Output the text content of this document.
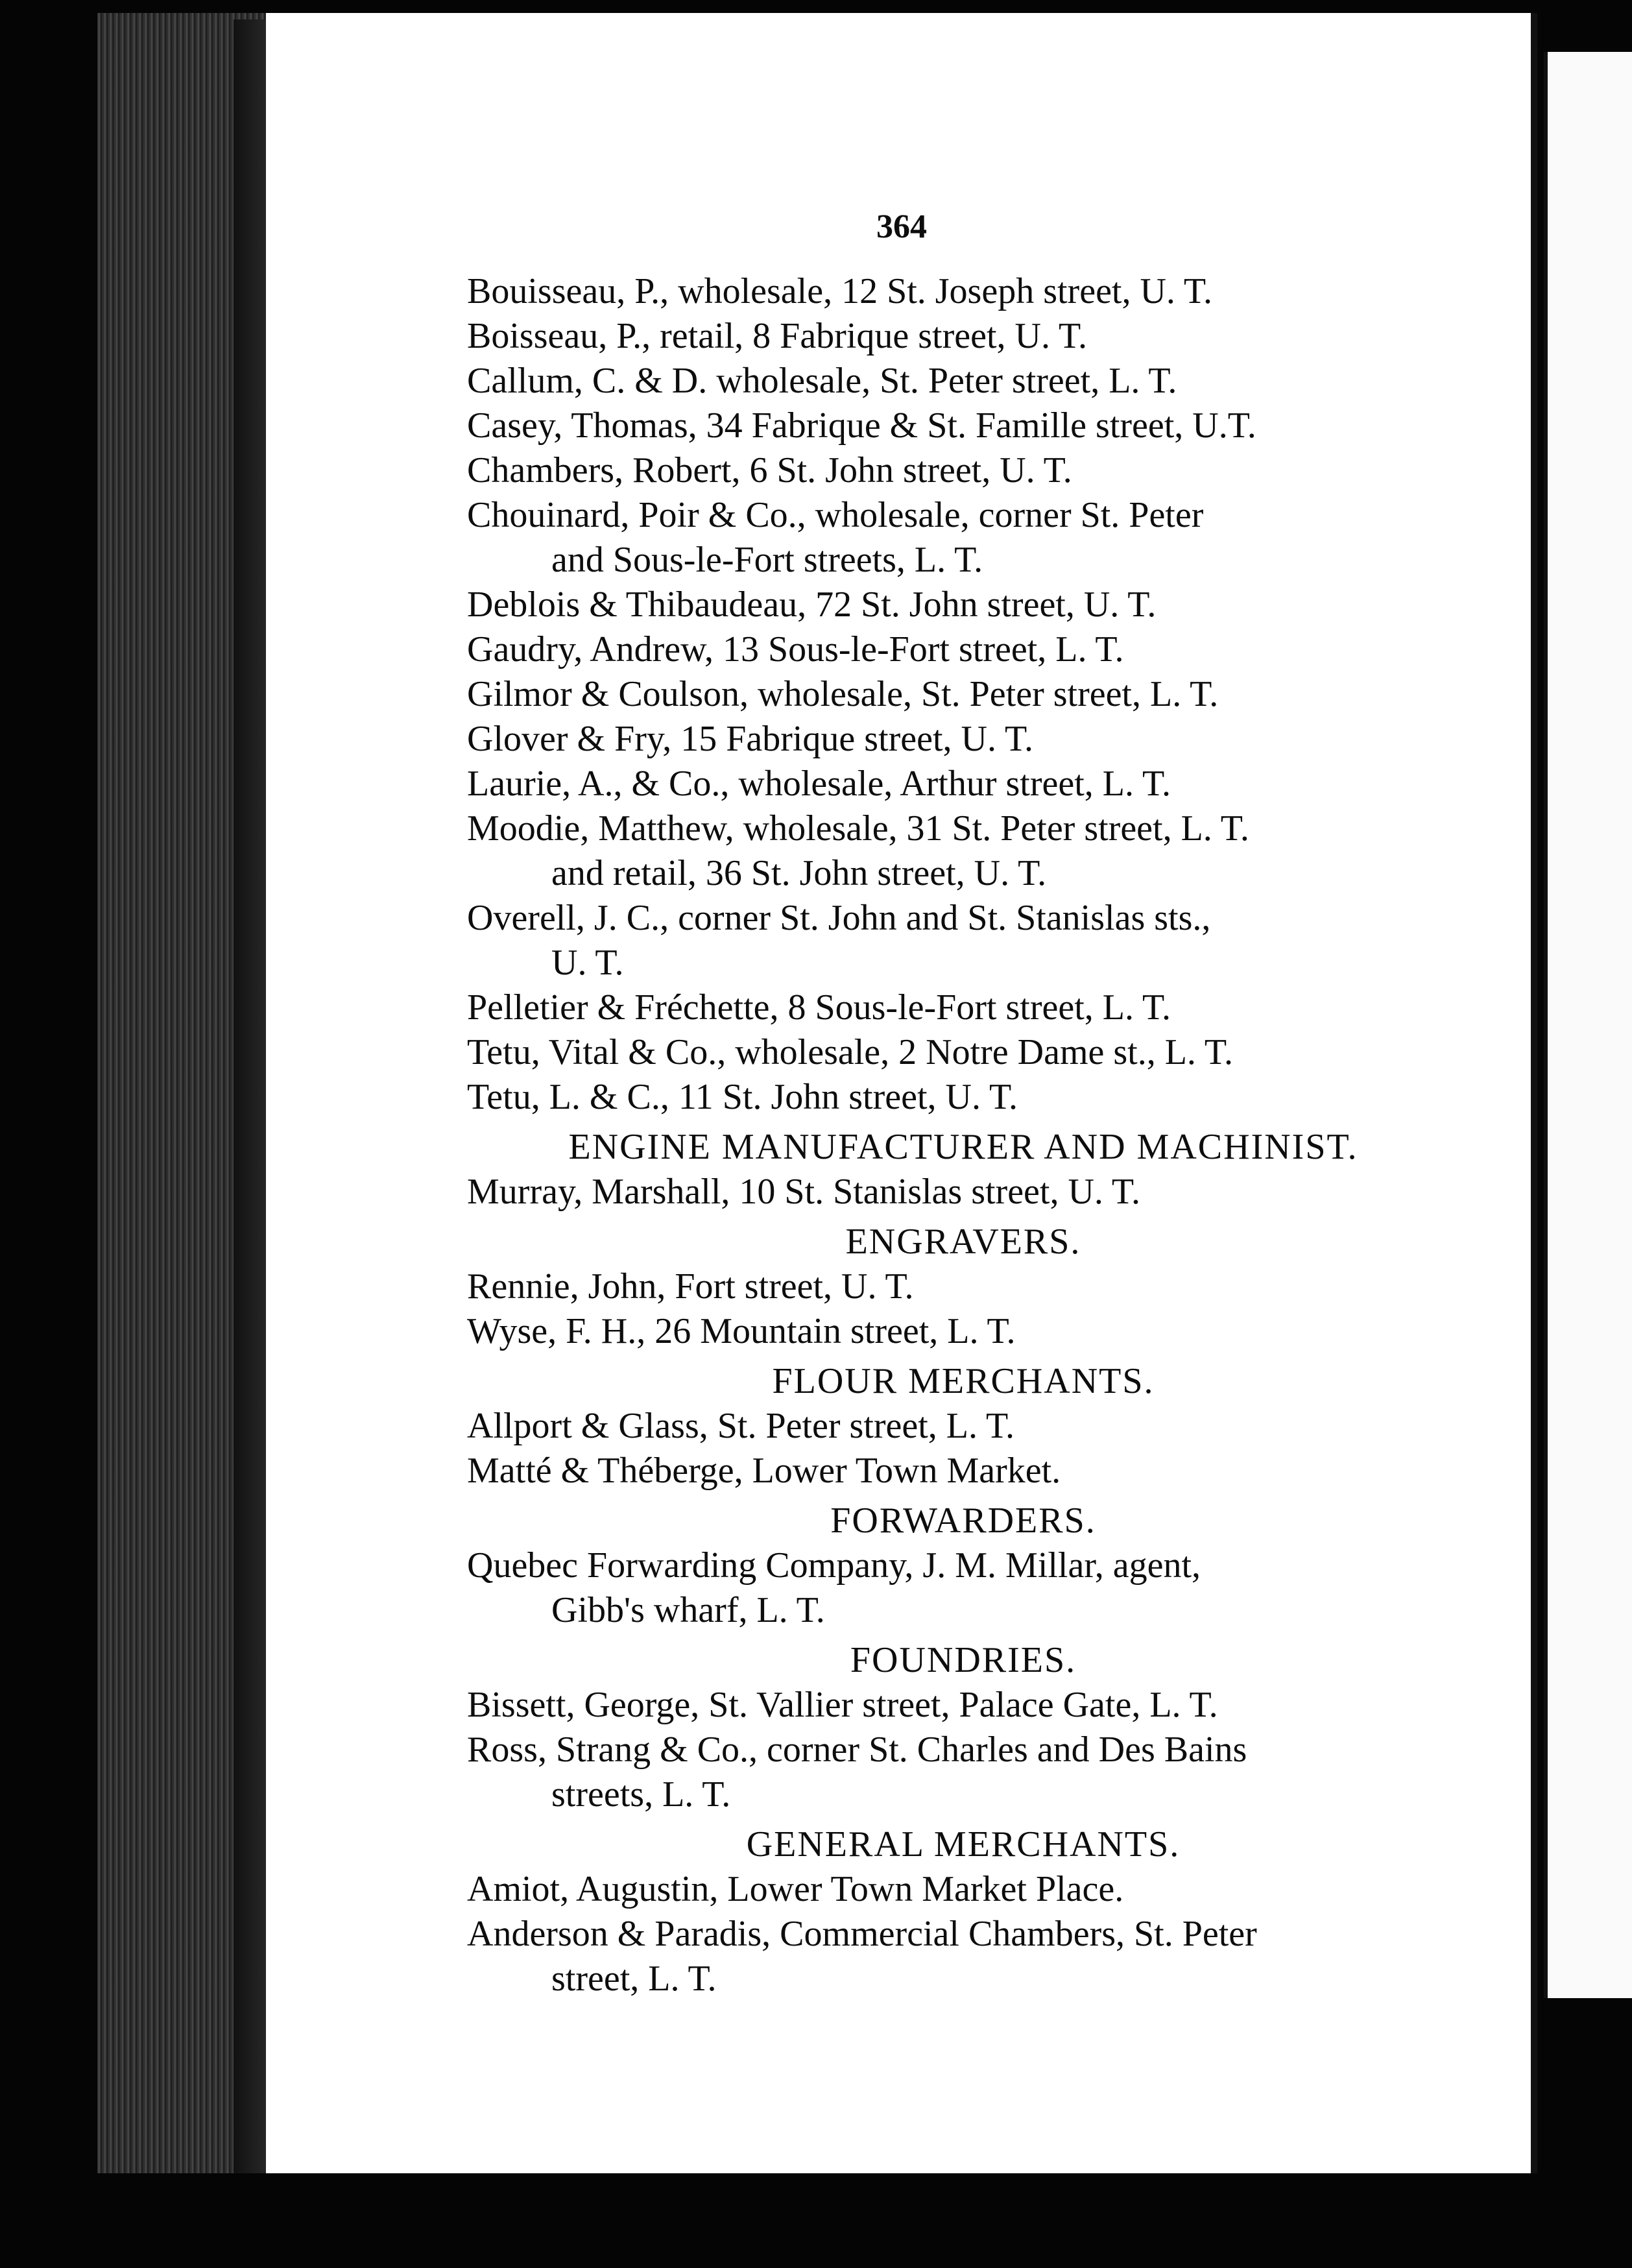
364
Bouisseau, P., wholesale, 12 St. Joseph street, U. T.
Boisseau, P., retail, 8 Fabrique street, U. T.
Callum, C. & D. wholesale, St. Peter street, L. T.
Casey, Thomas, 34 Fabrique & St. Famille street, U.T.
Chambers, Robert, 6 St. John street, U. T.
Chouinard, Poir & Co., wholesale, corner St. Peter
and Sous-le-Fort streets, L. T.
Deblois & Thibaudeau, 72 St. John street, U. T.
Gaudry, Andrew, 13 Sous-le-Fort street, L. T.
Gilmor & Coulson, wholesale, St. Peter street, L. T.
Glover & Fry, 15 Fabrique street, U. T.
Laurie, A., & Co., wholesale, Arthur street, L. T.
Moodie, Matthew, wholesale, 31 St. Peter street, L. T.
and retail, 36 St. John street, U. T.
Overell, J. C., corner St. John and St. Stanislas sts.,
U. T.
Pelletier & Fréchette, 8 Sous-le-Fort street, L. T.
Tetu, Vital & Co., wholesale, 2 Notre Dame st., L. T.
Tetu, L. & C., 11 St. John street, U. T.
ENGINE MANUFACTURER AND MACHINIST.
Murray, Marshall, 10 St. Stanislas street, U. T.
ENGRAVERS.
Rennie, John, Fort street, U. T.
Wyse, F. H., 26 Mountain street, L. T.
FLOUR MERCHANTS.
Allport & Glass, St. Peter street, L. T.
Matté & Théberge, Lower Town Market.
FORWARDERS.
Quebec Forwarding Company, J. M. Millar, agent,
Gibb's wharf, L. T.
FOUNDRIES.
Bissett, George, St. Vallier street, Palace Gate, L. T.
Ross, Strang & Co., corner St. Charles and Des Bains
streets, L. T.
GENERAL MERCHANTS.
Amiot, Augustin, Lower Town Market Place.
Anderson & Paradis, Commercial Chambers, St. Peter
street, L. T.
